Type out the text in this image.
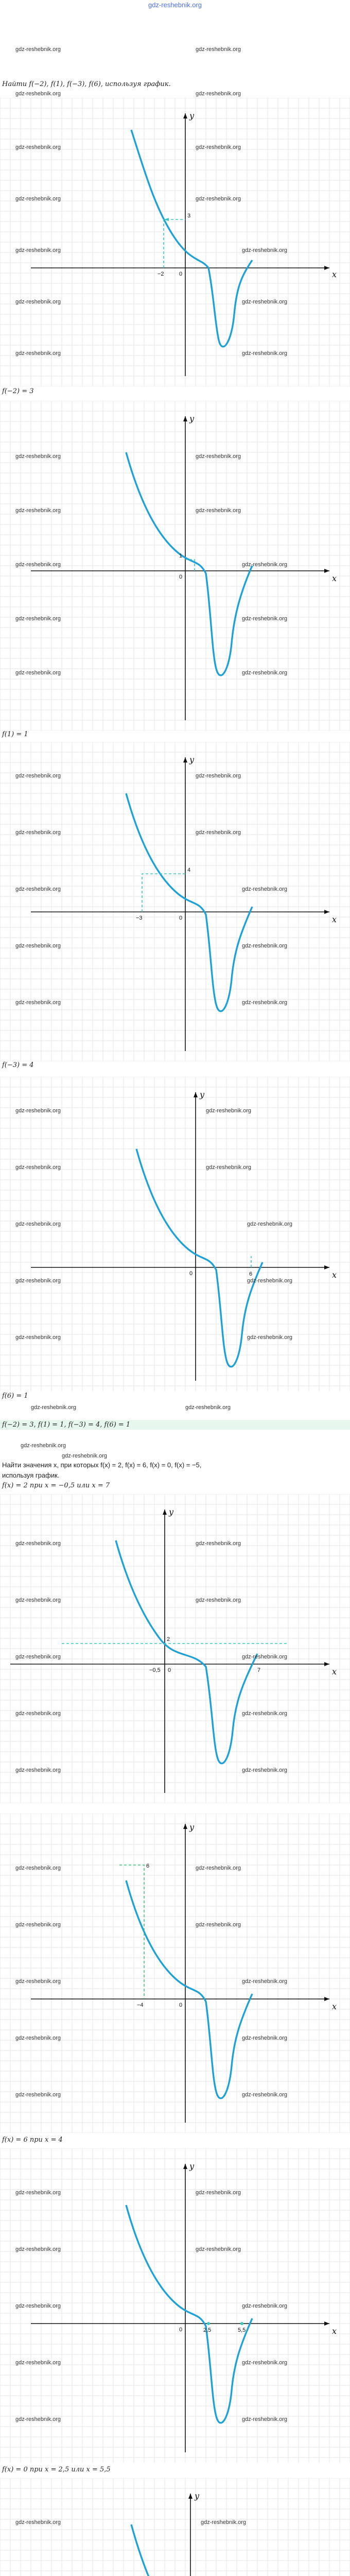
gdz-reshebnik.org
Найти f(−2), f(1), f(−3), f(6), используя график.
x
y
−2	0
3
f(−2) = 3
x
y
1
0
f(1) = 1
x
y
−3
4
0
f(−3) = 4
x
y
6
0
f(6) = 1
f(−2) = 3, f(1) = 1, f(−3) = 4, f(6) = 1
Найти значения x, при которых f(x) = 2, f(x) = 6, f(x) = 0, f(x) = −5,
используя график.
f(x) = 2 при x = −0,5 или x = 7
x
y
2
−0,5	7
0
x
y
6
−4	0
f(x) = 6 при x = 4
x
y
2,5	5,5
0
f(x) = 0 при x = 2,5 или x = 5,5
y
gdz-reshebnik.org	gdz-reshebnik.org
gdz-reshebnik.org	gdz-reshebnik.org
gdz-reshebnik.org	gdz-reshebnik.org
gdz-reshebnik.org	gdz-reshebnik.org
gdz-reshebnik.org	gdz-reshebnik.org
gdz-reshebnik.org	gdz-reshebnik.org
gdz-reshebnik.org	gdz-reshebnik.org
gdz-reshebnik.org	gdz-reshebnik.org
gdz-reshebnik.org	gdz-reshebnik.org
gdz-reshebnik.org	gdz-reshebnik.org
gdz-reshebnik.org	gdz-reshebnik.org
gdz-reshebnik.org	gdz-reshebnik.org
gdz-reshebnik.org	gdz-reshebnik.org
gdz-reshebnik.org	gdz-reshebnik.org
gdz-reshebnik.org	gdz-reshebnik.org
gdz-reshebnik.org	gdz-reshebnik.org
gdz-reshebnik.org	gdz-reshebnik.org
gdz-reshebnik.org	gdz-reshebnik.org
gdz-reshebnik.org	gdz-reshebnik.org
gdz-reshebnik.org	gdz-reshebnik.org
gdz-reshebnik.org	gdz-reshebnik.org
gdz-reshebnik.org	gdz-reshebnik.org
gdz-reshebnik.org	gdz-reshebnik.org
gdz-reshebnik.org
gdz-reshebnik.org
gdz-reshebnik.org	gdz-reshebnik.org
gdz-reshebnik.org	gdz-reshebnik.org
gdz-reshebnik.org	gdz-reshebnik.org
gdz-reshebnik.org	gdz-reshebnik.org
gdz-reshebnik.org	gdz-reshebnik.org
gdz-reshebnik.org	gdz-reshebnik.org
gdz-reshebnik.org	gdz-reshebnik.org
gdz-reshebnik.org	gdz-reshebnik.org
gdz-reshebnik.org	gdz-reshebnik.org
gdz-reshebnik.org	gdz-reshebnik.org
gdz-reshebnik.org	gdz-reshebnik.org
gdz-reshebnik.org	gdz-reshebnik.org
gdz-reshebnik.org	gdz-reshebnik.org
gdz-reshebnik.org	gdz-reshebnik.org
gdz-reshebnik.org	gdz-reshebnik.org
gdz-reshebnik.org	gdz-reshebnik.org
